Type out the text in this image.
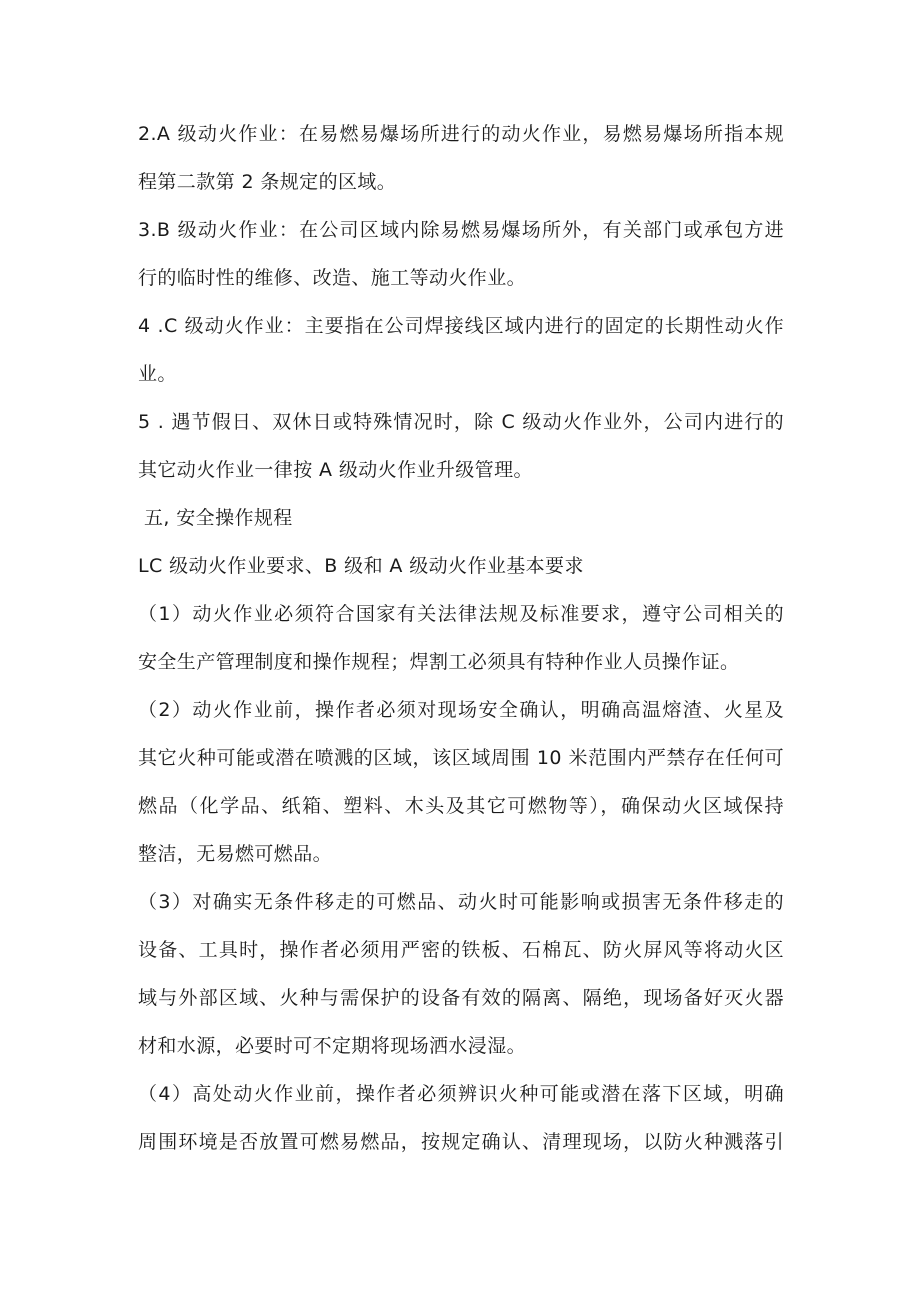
2.A 级动火作业：在易燃易爆场所进行的动火作业，易燃易爆场所指本规
程第二款第 2 条规定的区域。
3.B 级动火作业：在公司区域内除易燃易爆场所外，有关部门或承包方进
行的临时性的维修、改造、施工等动火作业。
4 .C 级动火作业：主要指在公司焊接线区域内进行的固定的长期性动火作
业。
5 . 遇节假日、双休日或特殊情况时，除 C 级动火作业外，公司内进行的
其它动火作业一律按 A 级动火作业升级管理。
五, 安全操作规程
LC 级动火作业要求、B 级和 A 级动火作业基本要求
（1）动火作业必须符合国家有关法律法规及标准要求，遵守公司相关的
安全生产管理制度和操作规程；焊割工必须具有特种作业人员操作证。
（2）动火作业前，操作者必须对现场安全确认，明确高温熔渣、火星及
其它火种可能或潜在喷溅的区域，该区域周围 10 米范围内严禁存在任何可
燃品（化学品、纸箱、塑料、木头及其它可燃物等），确保动火区域保持
整洁，无易燃可燃品。
（3）对确实无条件移走的可燃品、动火时可能影响或损害无条件移走的
设备、工具时，操作者必须用严密的铁板、石棉瓦、防火屏风等将动火区
域与外部区域、火种与需保护的设备有效的隔离、隔绝，现场备好灭火器
材和水源，必要时可不定期将现场洒水浸湿。
（4）高处动火作业前，操作者必须辨识火种可能或潜在落下区域，明确
周围环境是否放置可燃易燃品，按规定确认、清理现场，以防火种溅落引
